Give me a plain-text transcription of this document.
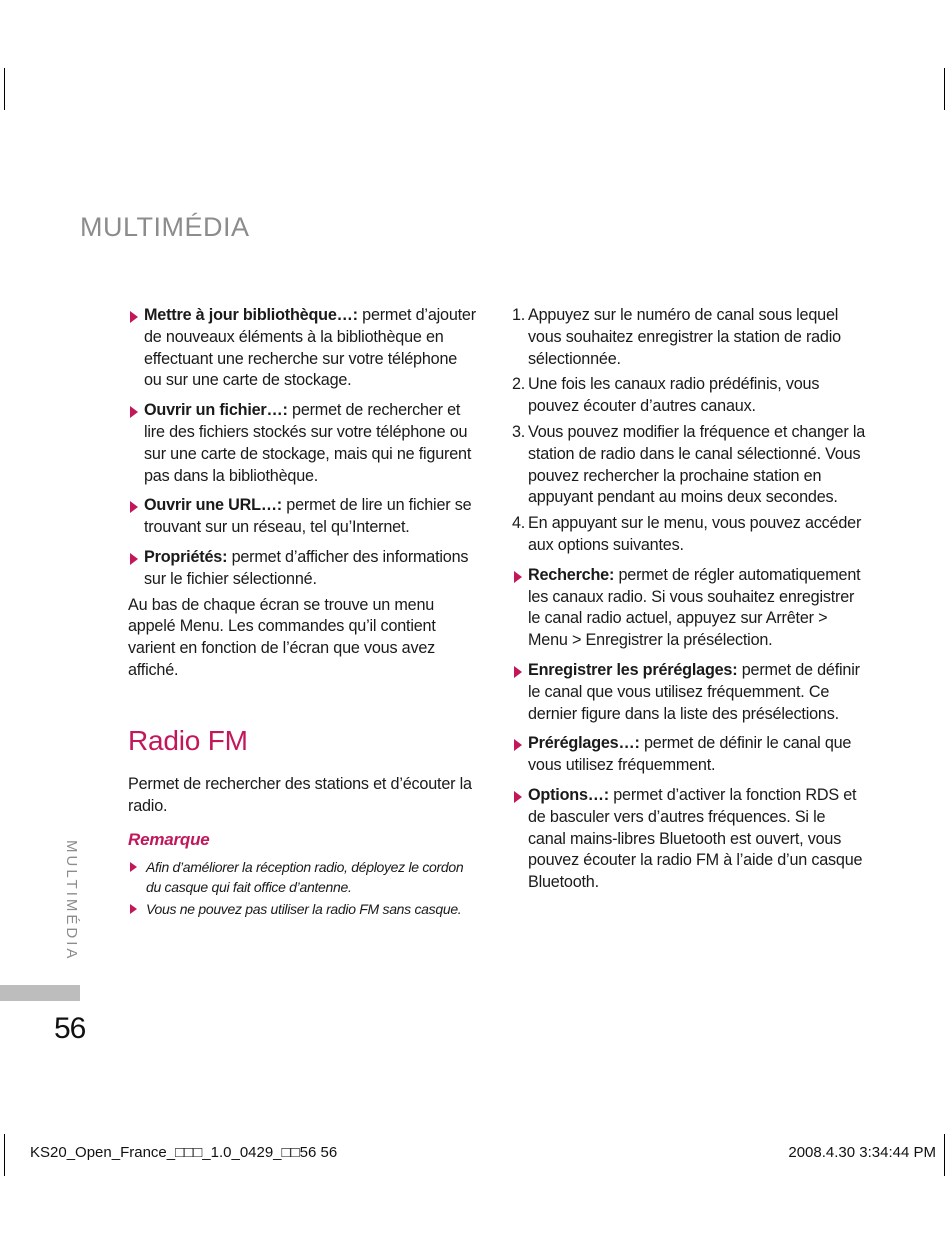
MULTIMÉDIA
Mettre à jour bibliothèque…: permet d’ajouter de nouveaux éléments à la bibliothèque en effectuant une recherche sur votre téléphone ou sur une carte de stockage.
Ouvrir un fichier…: permet de rechercher et lire des fichiers stockés sur votre téléphone ou sur une carte de stockage, mais qui ne figurent pas dans la bibliothèque.
Ouvrir une URL…: permet de lire un fichier se trouvant sur un réseau, tel qu’Internet.
Propriétés: permet d’afficher des informations sur le fichier sélectionné.
Au bas de chaque écran se trouve un menu appelé Menu. Les commandes qu’il contient varient en fonction de l’écran que vous avez affiché.
Radio FM
Permet de rechercher des stations et d’écouter la radio.
Remarque
Afin d’améliorer la réception radio, déployez le cordon du casque qui fait office d’antenne.
Vous ne pouvez pas utiliser la radio FM sans casque.
1. Appuyez sur le numéro de canal sous lequel vous souhaitez enregistrer la station de radio sélectionnée.
2. Une fois les canaux radio prédéfinis, vous pouvez écouter d’autres canaux.
3. Vous pouvez modifier la fréquence et changer la station de radio dans le canal sélectionné. Vous pouvez rechercher la prochaine station en appuyant pendant au moins deux secondes.
4. En appuyant sur le menu, vous pouvez accéder aux options suivantes.
Recherche: permet de régler automatiquement les canaux radio. Si vous souhaitez enregistrer le canal radio actuel, appuyez sur Arrêter > Menu > Enregistrer la présélection.
Enregistrer les préréglages: permet de définir le canal que vous utilisez fréquemment. Ce dernier figure dans la liste des présélections.
Préréglages…: permet de définir le canal que vous utilisez fréquemment.
Options…: permet d’activer la fonction RDS et de basculer vers d’autres fréquences. Si le canal mains-libres Bluetooth est ouvert, vous pouvez écouter la radio FM à l’aide d’un casque Bluetooth.
MULTIMÉDIA
56
KS20_Open_France_□□□_1.0_0429_□□56 56	2008.4.30 3:34:44 PM
